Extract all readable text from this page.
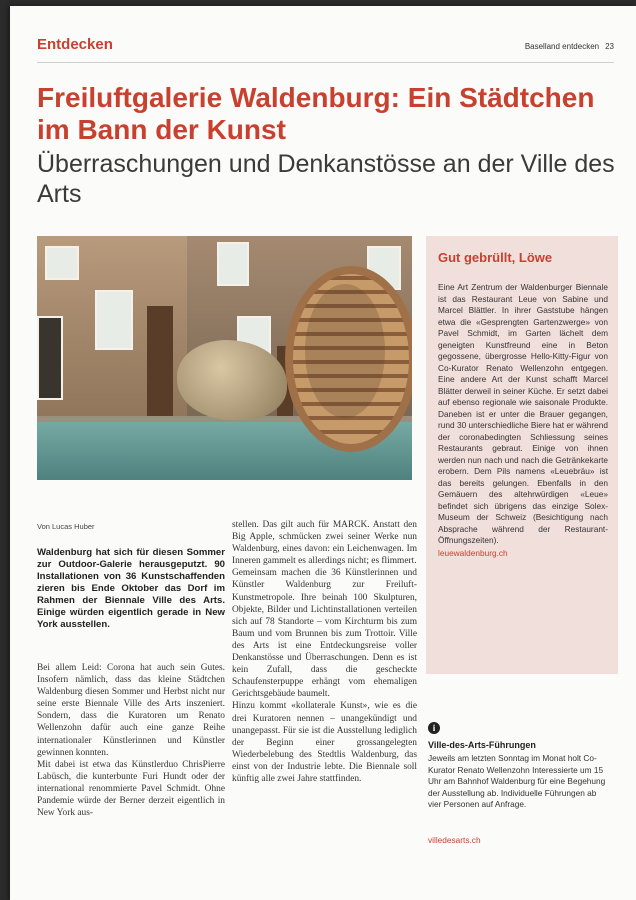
Entdecken	Baselland entdecken 23
Freiluftgalerie Waldenburg: Ein Städtchen im Bann der Kunst
Überraschungen und Denkanstösse an der Ville des Arts
Gut gebrüllt, Löwe
Eine Art Zentrum der Waldenburger Biennale ist das Restaurant Leue von Sabine und Marcel Blättler. In ihrer Gaststube hängen etwa die «Gesprengten Gartenzwerge» von Pavel Schmidt, im Garten lächelt dem geneigten Kunstfreund eine in Beton gegossene, übergrosse Hello-Kitty-Figur von Co-Kurator Renato Wellenzohn entgegen. Eine andere Art der Kunst schafft Marcel Blätter derweil in seiner Küche. Er setzt dabei auf ebenso regionale wie saisonale Produkte. Daneben ist er unter die Brauer gegangen, rund 30 unterschiedliche Biere hat er während der coronabedingten Schliessung seines Restaurants gebraut. Einige von ihnen werden nun nach und nach die Getränkekarte erobern. Dem Pils namens «Leuebräu» ist das bereits gelungen. Ebenfalls in den Gemäuern des altehrwürdigen «Leue» befindet sich übrigens das einzige Solex-Museum der Schweiz (Besichtigung nach Absprache während der Restaurant-Öffnungszeiten).
leuewaldenburg.ch
Von Lucas Huber
Waldenburg hat sich für diesen Sommer zur Outdoor-Galerie herausgeputzt. 90 Installationen von 36 Kunstschaffenden zieren bis Ende Oktober das Dorf im Rahmen der Biennale Ville des Arts. Einige würden eigentlich gerade in New York ausstellen.

Bei allem Leid: Corona hat auch sein Gutes. Insofern nämlich, dass das kleine Städtchen Waldenburg diesen Sommer und Herbst nicht nur seine erste Biennale Ville des Arts inszeniert. Sondern, dass die Kuratoren um Renato Wellenzohn dafür auch eine ganze Reihe internationaler Künstlerinnen und Künstler gewinnen konnten.

Mit dabei ist etwa das Künstlerduo ChrisPierre Labüsch, die kunterbunte Furi Hundt oder der international renommierte Pavel Schmidt. Ohne Pandemie würde der Berner derzeit eigentlich in New York aus-

stellen. Das gilt auch für MARCK. Anstatt den Big Apple, schmücken zwei seiner Werke nun Waldenburg, eines davon: ein Leichenwagen. Im Inneren gammelt es allerdings nicht; es flimmert.

Gemeinsam machen die 36 Künstlerinnen und Künstler Waldenburg zur Freiluft-Kunstmetropole. Ihre beinah 100 Skulpturen, Objekte, Bilder und Lichtinstallationen verteilen sich auf 78 Standorte – vom Kirchturm bis zum Baum und vom Brunnen bis zum Trottoir. Ville des Arts ist eine Entdeckungsreise voller Denkanstösse und Überraschungen. Denn es ist kein Zufall, dass die gescheckte Schaufensterpuppe erhängt vom ehemaligen Gerichtsgebäude baumelt.

Hinzu kommt «kollaterale Kunst», wie es die drei Kuratoren nennen – unangekündigt und unangepasst. Für sie ist die Ausstellung lediglich der Beginn einer grossangelegten Wiederbelebung des Stedtlis Waldenburg, das einst von der Industrie lebte. Die Biennale soll künftig alle zwei Jahre stattfinden.

i
Ville-des-Arts-Führungen
Jeweils am letzten Sonntag im Monat holt Co-Kurator Renato Wellenzohn Interessierte um 15 Uhr am Bahnhof Waldenburg für eine Begehung der Ausstellung ab. Individuelle Führungen ab vier Personen auf Anfrage.
villedesarts.ch
